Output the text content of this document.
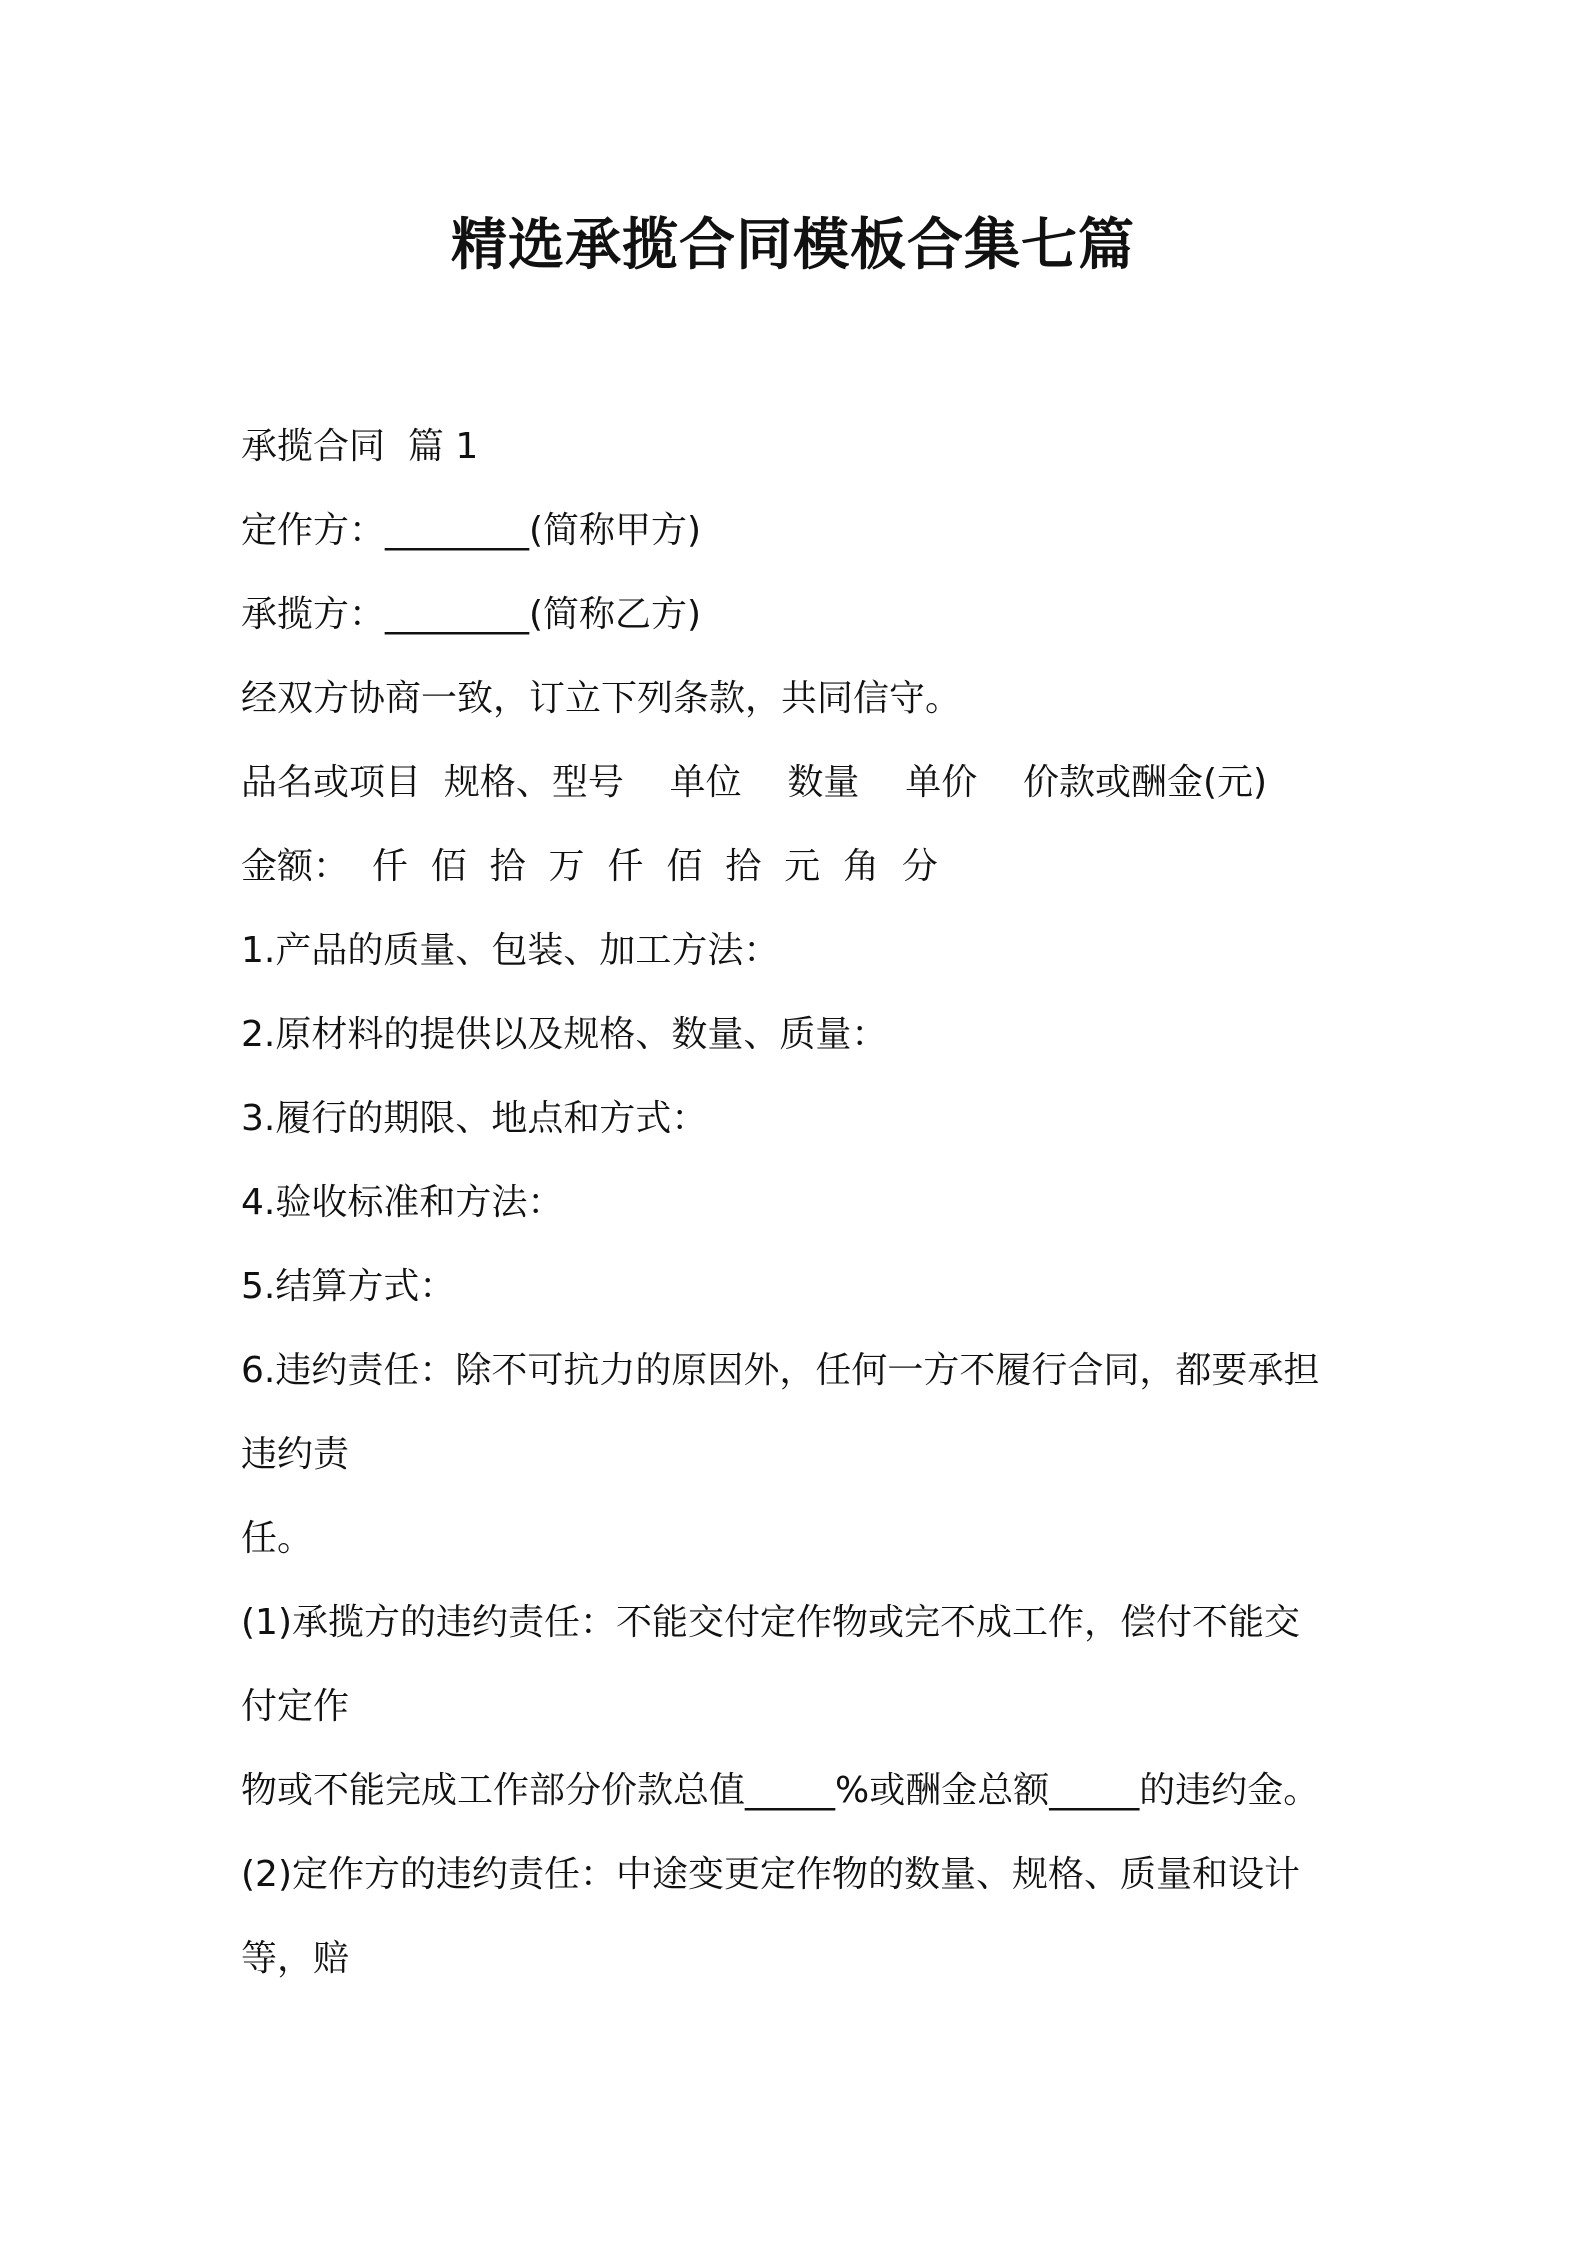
精选承揽合同模板合集七篇

承揽合同  篇 1

定作方：________(简称甲方)

承揽方：________(简称乙方)

经双方协商一致，订立下列条款，共同信守。

品名或项目  规格、型号    单位    数量    单价    价款或酬金(元)

金额：  仟  佰  拾  万  仟  佰  拾  元  角  分

1.产品的质量、包装、加工方法：

2.原材料的提供以及规格、数量、质量：

3.履行的期限、地点和方式：

4.验收标准和方法：

5.结算方式：

6.违约责任：除不可抗力的原因外，任何一方不履行合同，都要承担

违约责

任。

(1)承揽方的违约责任：不能交付定作物或完不成工作，偿付不能交

付定作

物或不能完成工作部分价款总值_____%或酬金总额_____的违约金。

(2)定作方的违约责任：中途变更定作物的数量、规格、质量和设计

等，赔
